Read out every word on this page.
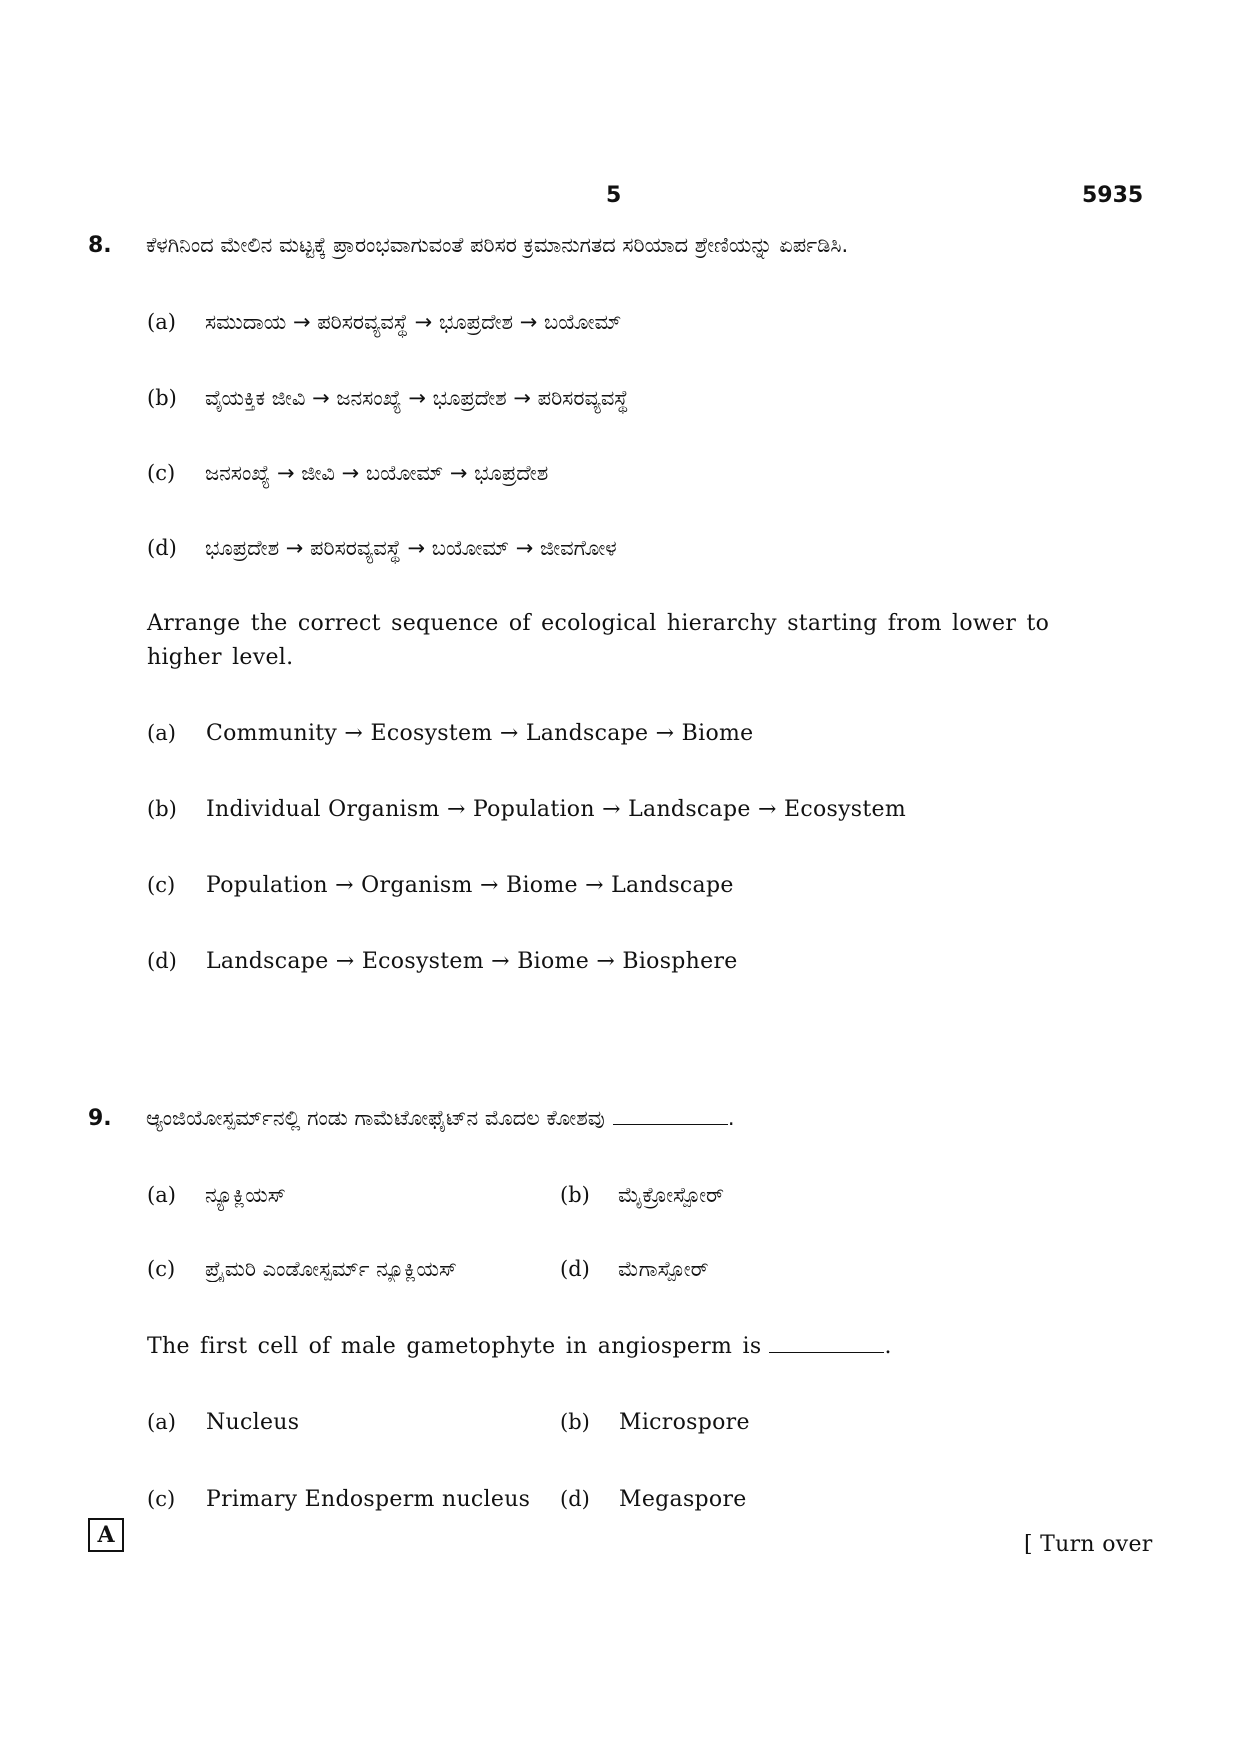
5	5935
8. ಕೆಳಗಿನಿಂದ ಮೇಲಿನ ಮಟ್ಟಕ್ಕೆ ಪ್ರಾರಂಭವಾಗುವಂತೆ ಪರಿಸರ ಕ್ರಮಾನುಗತದ ಸರಿಯಾದ ಶ್ರೇಣಿಯನ್ನು ಏರ್ಪಡಿಸಿ.
(a) ಸಮುದಾಯ → ಪರಿಸರವ್ಯವಸ್ಥೆ → ಭೂಪ್ರದೇಶ → ಬಯೋಮ್
(b) ವೈಯಕ್ತಿಕ ಜೀವಿ → ಜನಸಂಖ್ಯೆ → ಭೂಪ್ರದೇಶ → ಪರಿಸರವ್ಯವಸ್ಥೆ
(c) ಜನಸಂಖ್ಯೆ → ಜೀವಿ → ಬಯೋಮ್ → ಭೂಪ್ರದೇಶ
(d) ಭೂಪ್ರದೇಶ → ಪರಿಸರವ್ಯವಸ್ಥೆ → ಬಯೋಮ್ → ಜೀವಗೋಳ
Arrange the correct sequence of ecological hierarchy starting from lower to higher level.
(a) Community → Ecosystem → Landscape → Biome
(b) Individual Organism → Population → Landscape → Ecosystem
(c) Population → Organism → Biome → Landscape
(d) Landscape → Ecosystem → Biome → Biosphere
9. ಆ್ಯಂಜಿಯೋಸ್ಪರ್ಮ್‌ನಲ್ಲಿ ಗಂಡು ಗಾಮೆಟೋಫೈಟ್‌ನ ಮೊದಲ ಕೋಶವು	.
(a) ನ್ಯೂಕ್ಲಿಯಸ್	(b) ಮೈಕ್ರೋಸ್ಪೋರ್
(c) ಪ್ರೈಮರಿ ಎಂಡೋಸ್ಪರ್ಮ್ ನ್ಯೂಕ್ಲಿಯಸ್	(d) ಮೆಗಾಸ್ಪೋರ್
The first cell of male gametophyte in angiosperm is	.
(a) Nucleus	(b) Microspore
(c) Primary Endosperm nucleus (d) Megaspore
A	[ Turn over
